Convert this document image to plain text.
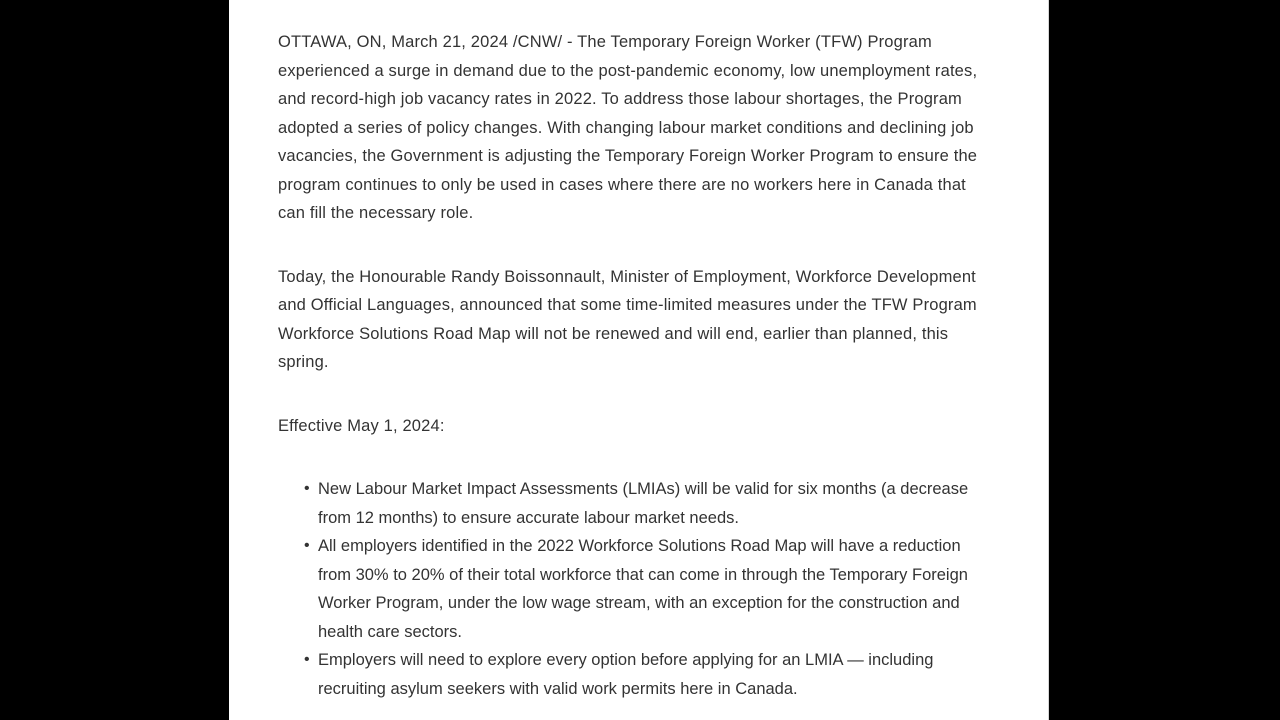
OTTAWA, ON, March 21, 2024 /CNW/ - The Temporary Foreign Worker (TFW) Program experienced a surge in demand due to the post-pandemic economy, low unemployment rates, and record-high job vacancy rates in 2022. To address those labour shortages, the Program adopted a series of policy changes. With changing labour market conditions and declining job vacancies, the Government is adjusting the Temporary Foreign Worker Program to ensure the program continues to only be used in cases where there are no workers here in Canada that can fill the necessary role.

Today, the Honourable Randy Boissonnault, Minister of Employment, Workforce Development and Official Languages, announced that some time-limited measures under the TFW Program Workforce Solutions Road Map will not be renewed and will end, earlier than planned, this spring.

Effective May 1, 2024:

• New Labour Market Impact Assessments (LMIAs) will be valid for six months (a decrease from 12 months) to ensure accurate labour market needs.
• All employers identified in the 2022 Workforce Solutions Road Map will have a reduction from 30% to 20% of their total workforce that can come in through the Temporary Foreign Worker Program, under the low wage stream, with an exception for the construction and health care sectors.
• Employers will need to explore every option before applying for an LMIA — including recruiting asylum seekers with valid work permits here in Canada.
